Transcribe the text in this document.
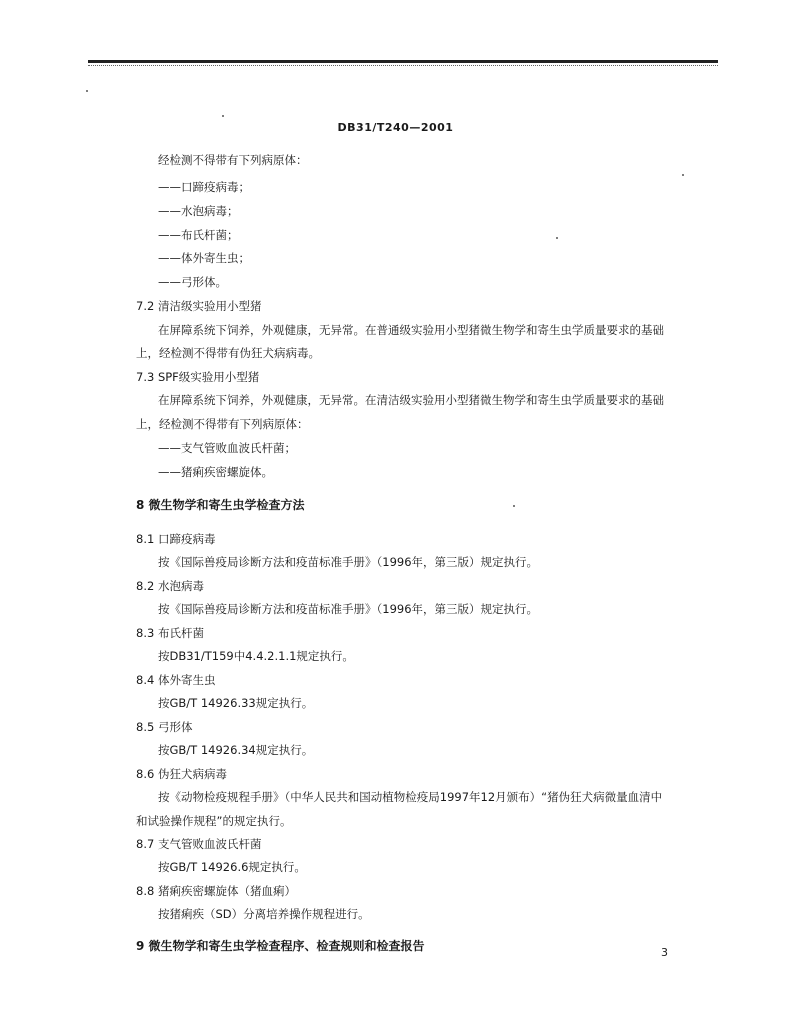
DB31/T240—2001
经检测不得带有下列病原体：
——口蹄疫病毒；
——水泡病毒；
——布氏杆菌；
——体外寄生虫；
——弓形体。
7.2 清洁级实验用小型猪
在屏障系统下饲养，外观健康，无异常。在普通级实验用小型猪微生物学和寄生虫学质量要求的基础
上，经检测不得带有伪狂犬病病毒。
7.3 SPF级实验用小型猪
在屏障系统下饲养，外观健康，无异常。在清洁级实验用小型猪微生物学和寄生虫学质量要求的基础
上，经检测不得带有下列病原体：
——支气管败血波氏杆菌；
——猪痢疾密螺旋体。
8 微生物学和寄生虫学检查方法
8.1 口蹄疫病毒
按《国际兽疫局诊断方法和疫苗标准手册》（1996年，第三版）规定执行。
8.2 水泡病毒
按《国际兽疫局诊断方法和疫苗标准手册》（1996年，第三版）规定执行。
8.3 布氏杆菌
按DB31/T159中4.4.2.1.1规定执行。
8.4 体外寄生虫
按GB/T 14926.33规定执行。
8.5 弓形体
按GB/T 14926.34规定执行。
8.6 伪狂犬病病毒
按《动物检疫规程手册》（中华人民共和国动植物检疫局1997年12月颁布）“猪伪狂犬病微量血清中
和试验操作规程”的规定执行。
8.7 支气管败血波氏杆菌
按GB/T 14926.6规定执行。
8.8 猪痢疾密螺旋体（猪血痢）
按猪痢疾（SD）分离培养操作规程进行。
9 微生物学和寄生虫学检查程序、检查规则和检查报告	3
